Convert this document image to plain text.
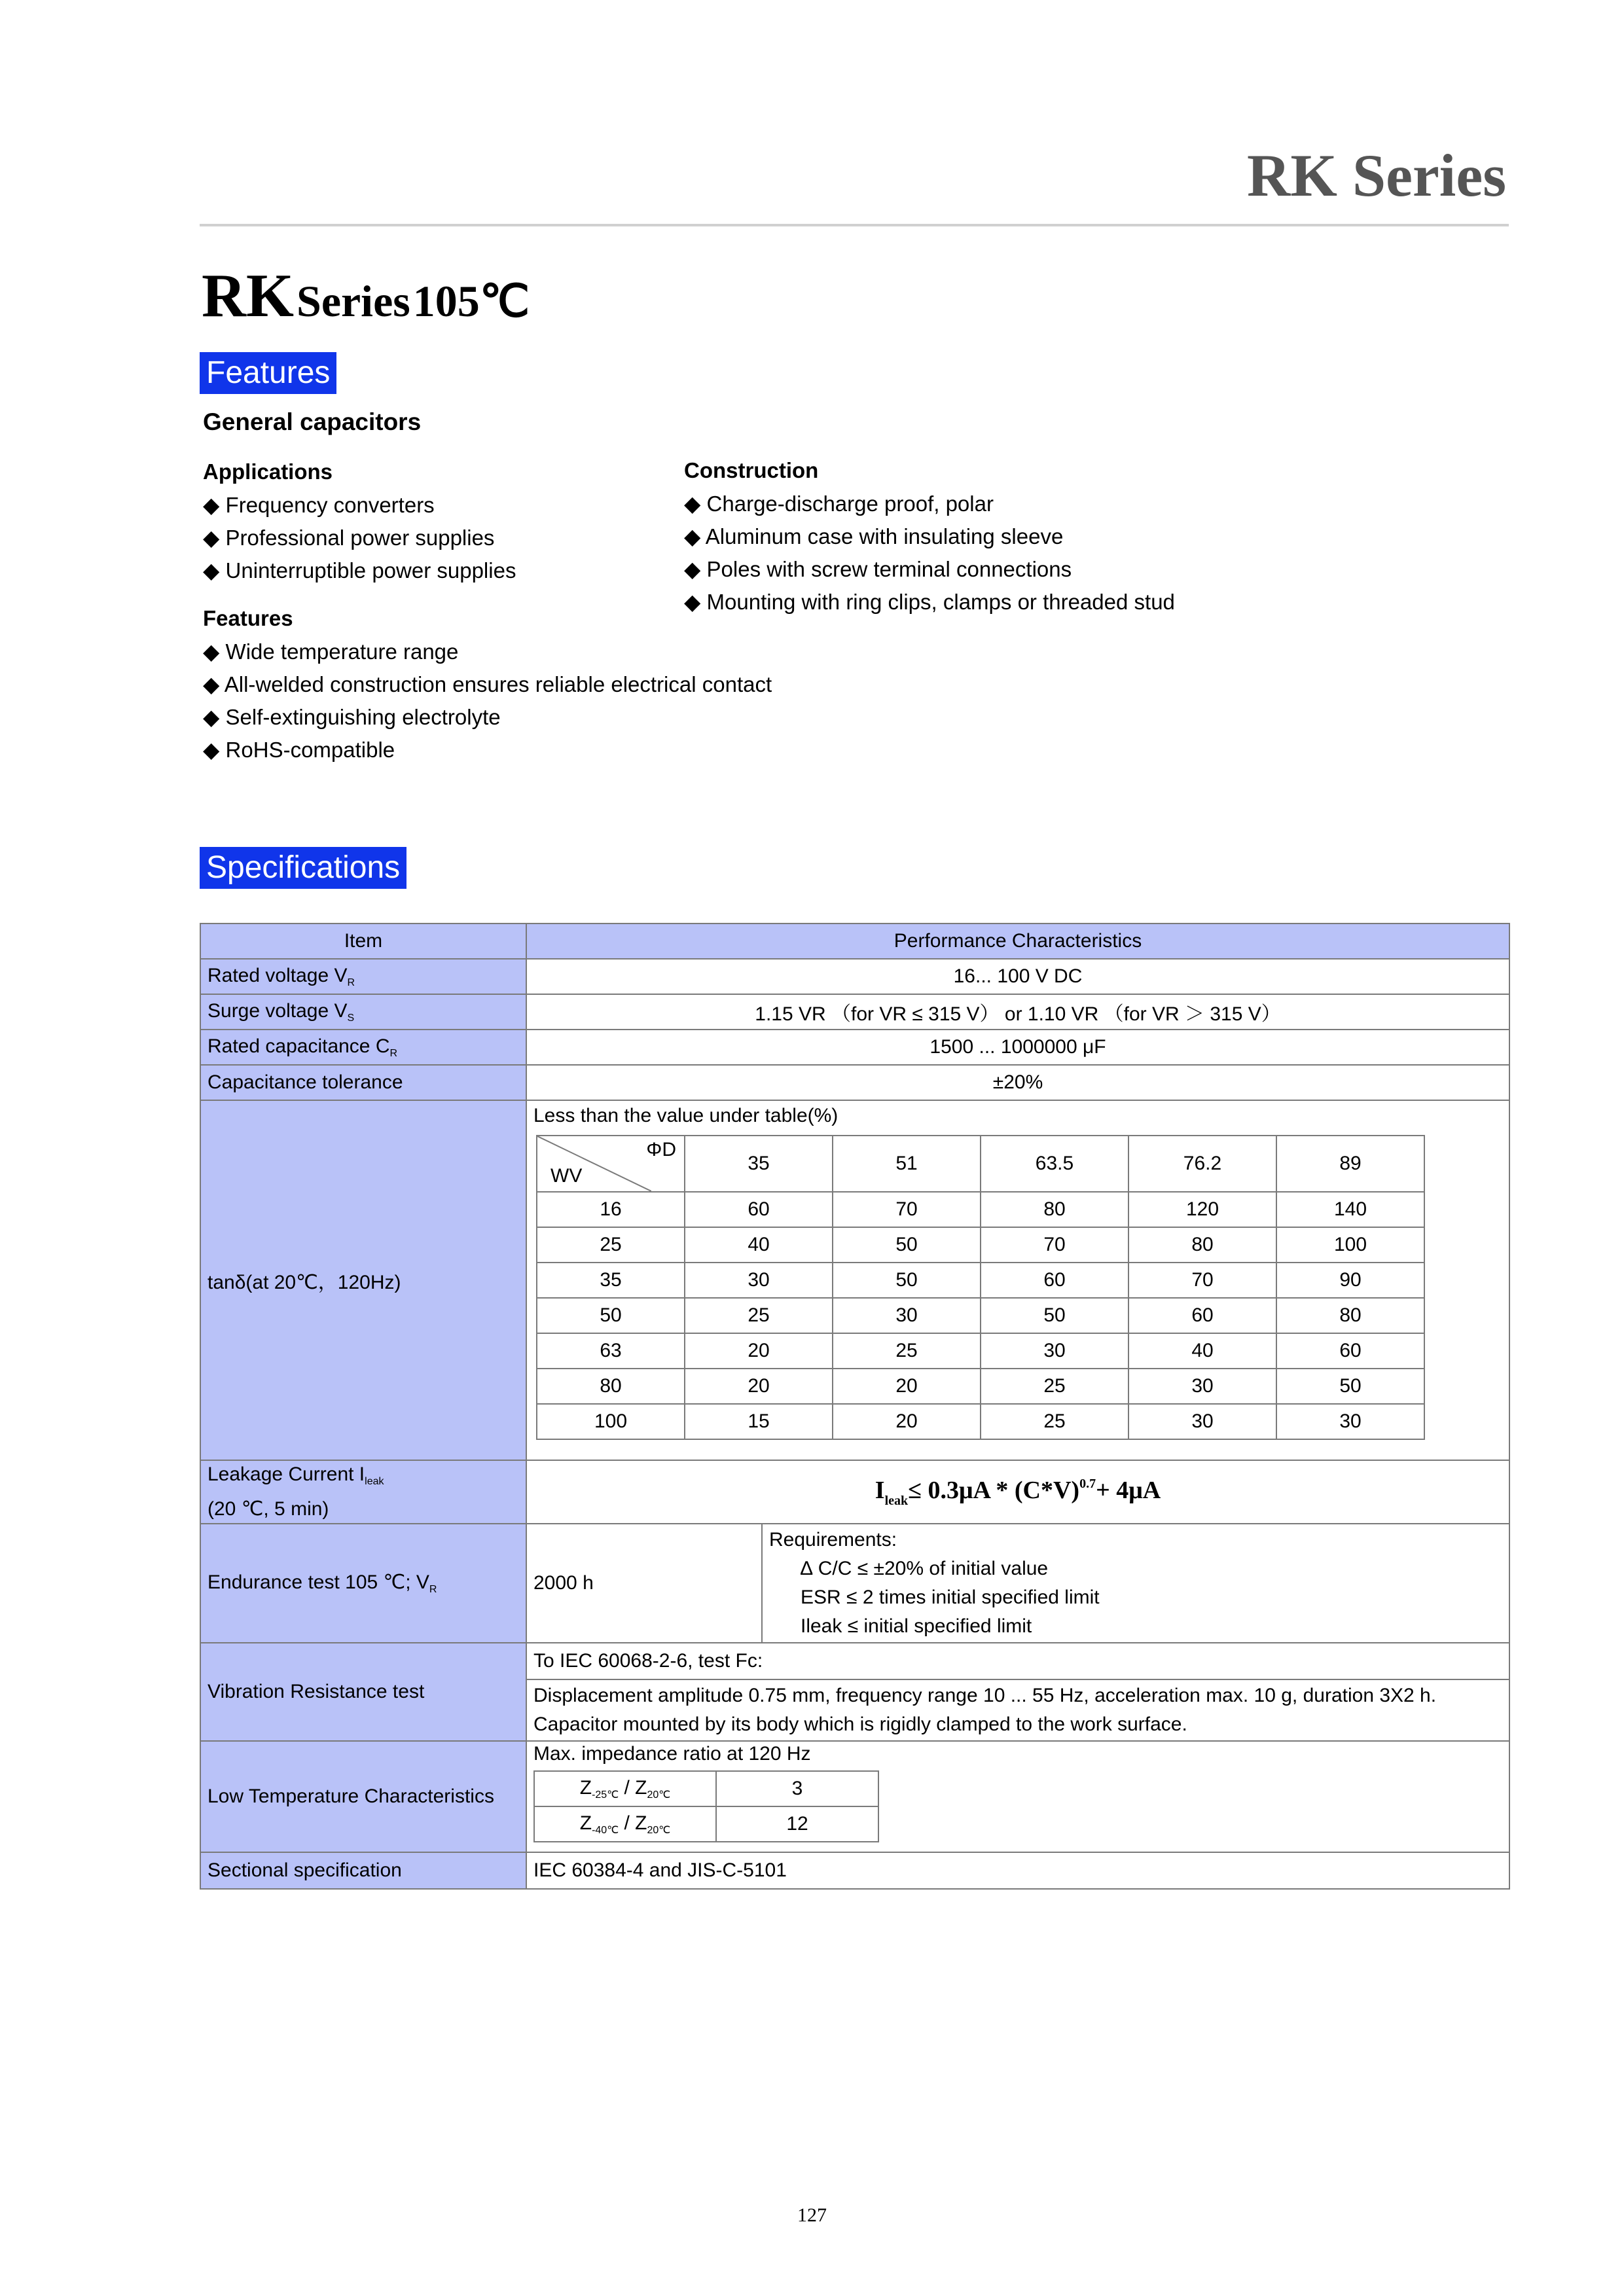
RK Series
RK Series 105℃
Features
General capacitors
Applications
◆ Frequency converters
◆ Professional power supplies
◆ Uninterruptible power supplies
Construction
◆ Charge-discharge proof, polar
◆ Aluminum case with insulating sleeve
◆ Poles with screw terminal connections
◆ Mounting with ring clips, clamps or threaded stud
Features
◆ Wide temperature range
◆ All-welded construction ensures reliable electrical contact
◆ Self-extinguishing electrolyte
◆ RoHS-compatible
Specifications
Item	Performance Characteristics
Rated voltage $V_R$	16... 100 V DC
Surge voltage $V_S$	1.15 VR （for VR ≤ 315 V） or 1.10 VR （for VR ＞ 315 V）
Rated capacitance $C_R$	1500 ... 1000000 μF
Capacitance tolerance	±20%
tanδ(at 20℃，120Hz)	
Less than the value under table(%)
ΦD
WV
	35	51	63.5	76.2	89
16	60	70	80	120	140
25	40	50	70	80	100
35	30	50	60	70	90
50	25	30	50	60	80
63	20	25	30	40	60
80	20	20	25	30	50
100	15	20	25	30	30

Leakage Current $I_{leak}$
(20 ℃, 5 min)	$I_{leak}\le 0.3\mu A * (C*V)^{0.7}+ 4\mu A$
Endurance test 105 ℃; $V_R$	2000 h	
Requirements:
∆ C/C ≤ ±20% of initial value
ESR ≤ 2 times initial specified limit
Ileak ≤ initial specified limit

Vibration Resistance test	To IEC 60068-2-6, test Fc:

Displacement amplitude 0.75 mm, frequency range 10 ... 55 Hz, acceleration max. 10 g, duration 3X2 h.
Capacitor mounted by its body which is rigidly clamped to the work surface.

Low Temperature Characteristics	
Max. impedance ratio at 120 Hz
$Z_{-25℃} / Z_{20℃}$	3
$Z_{-40℃} / Z_{20℃}$	12

Sectional specification	IEC 60384-4 and JIS-C-5101
127
